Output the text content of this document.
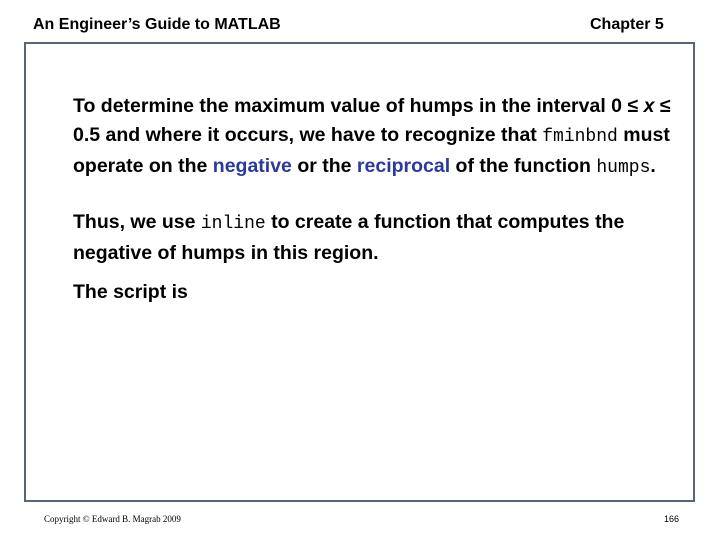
An Engineer’s Guide to MATLAB	Chapter 5
To determine the maximum value of humps in the interval 0 ≤ x ≤ 0.5 and where it occurs, we have to recognize that fminbnd must operate on the negative or the reciprocal of the function humps.
Thus, we use inline to create a function that computes the negative of humps in this region.
The script is
Copyright © Edward B. Magrab 2009	166
